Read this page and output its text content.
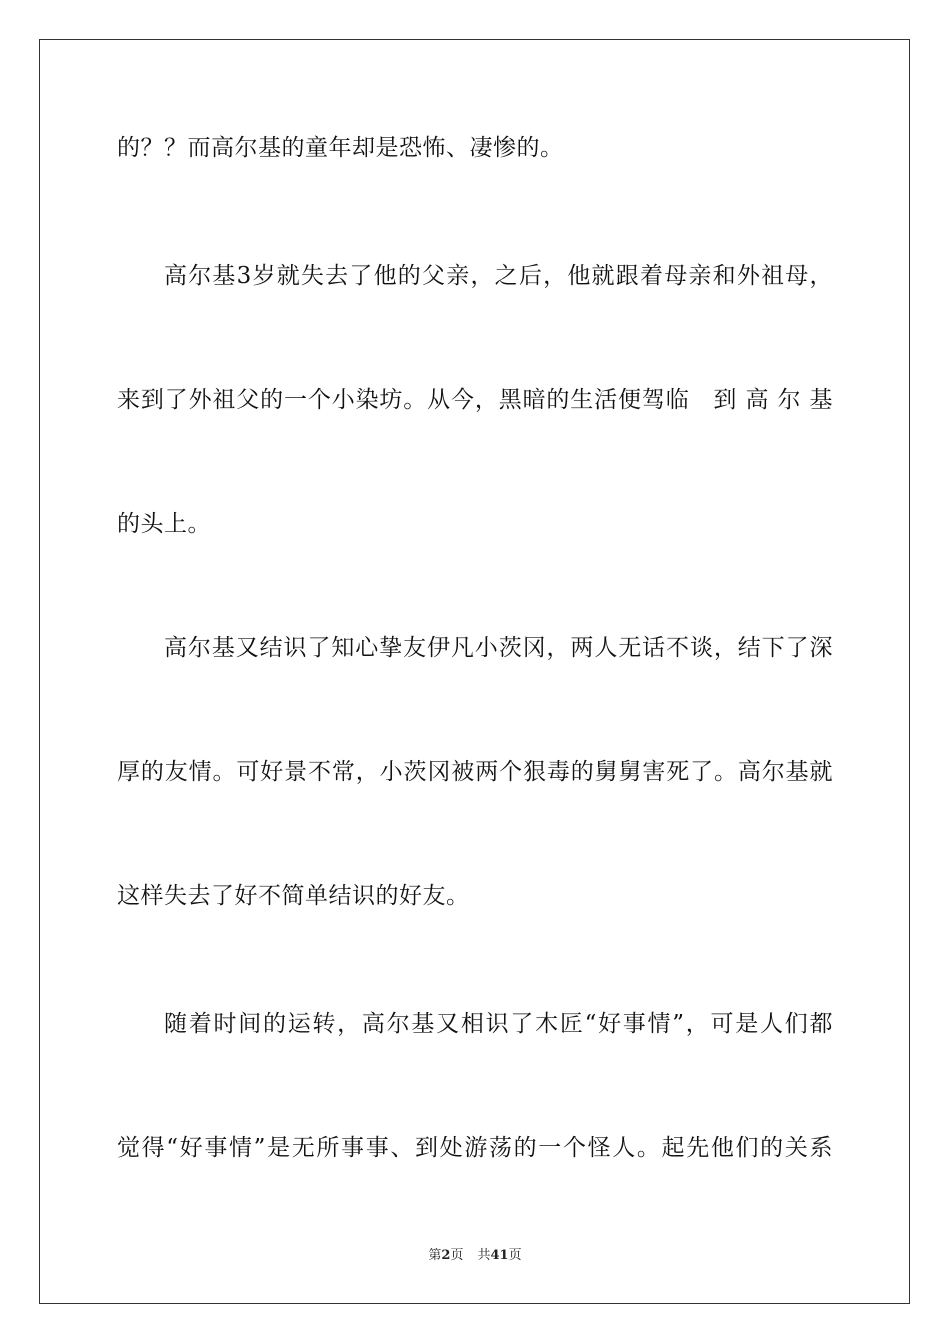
的？？而高尔基的童年却是恐怖、凄惨的。
高尔基3岁就失去了他的父亲，之后，他就跟着母亲和外祖母，
来到了外祖父的一个小染坊。从今，黑暗的生活便驾临　到 高 尔 基
的头上。
高尔基又结识了知心挚友伊凡小茨冈，两人无话不谈，结下了深
厚的友情。可好景不常，小茨冈被两个狠毒的舅舅害死了。高尔基就
这样失去了好不简单结识的好友。
随着时间的运转，高尔基又相识了木匠“好事情”，可是人们都
觉得“好事情”是无所事事、到处游荡的一个怪人。起先他们的关系
第2页 共41页
